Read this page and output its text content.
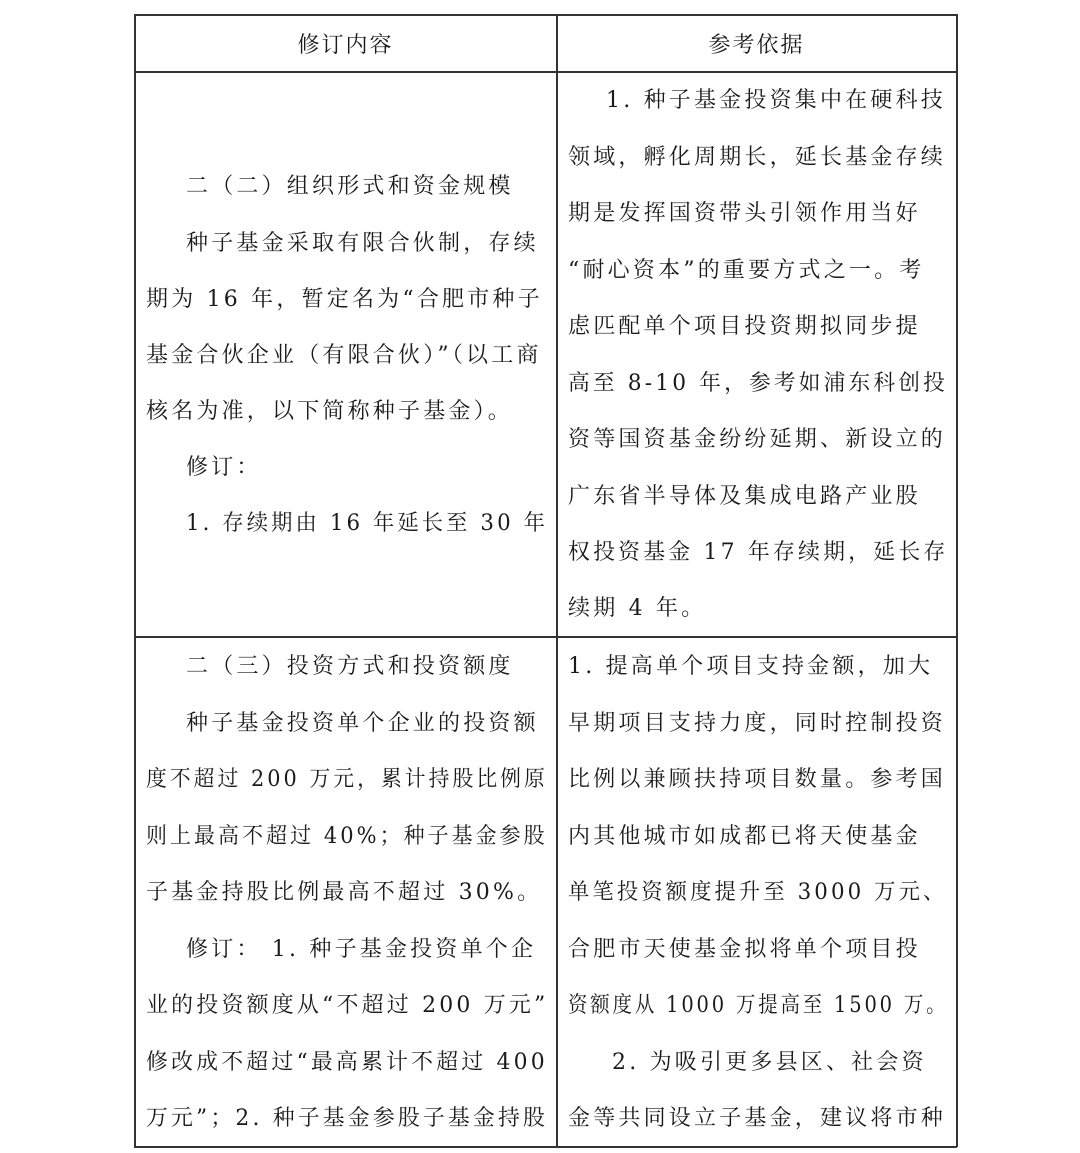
修订内容	参考依据
二（二）组织形式和资金规模
种子基金采取有限合伙制，存续
期为 16 年，暂定名为“合肥市种子
基金合伙企业（有限合伙）”（以工商
核名为准，以下简称种子基金）。
修订：
1. 存续期由 16 年延长至 30 年
1. 种子基金投资集中在硬科技
领域，孵化周期长，延长基金存续
期是发挥国资带头引领作用当好
“耐心资本”的重要方式之一。考
虑匹配单个项目投资期拟同步提
高至 8-10 年，参考如浦东科创投
资等国资基金纷纷延期、新设立的
广东省半导体及集成电路产业股
权投资基金 17 年存续期，延长存
续期 4 年。
二（三）投资方式和投资额度
种子基金投资单个企业的投资额
度不超过 200 万元，累计持股比例原
则上最高不超过 40%；种子基金参股
子基金持股比例最高不超过 30%。
修订： 1. 种子基金投资单个企
业的投资额度从“不超过 200 万元”
修改成不超过“最高累计不超过 400
万元”；2. 种子基金参股子基金持股
1. 提高单个项目支持金额，加大
早期项目支持力度，同时控制投资
比例以兼顾扶持项目数量。参考国
内其他城市如成都已将天使基金
单笔投资额度提升至 3000 万元、
合肥市天使基金拟将单个项目投
资额度从 1000 万提高至 1500 万。
2. 为吸引更多县区、社会资
金等共同设立子基金，建议将市种
